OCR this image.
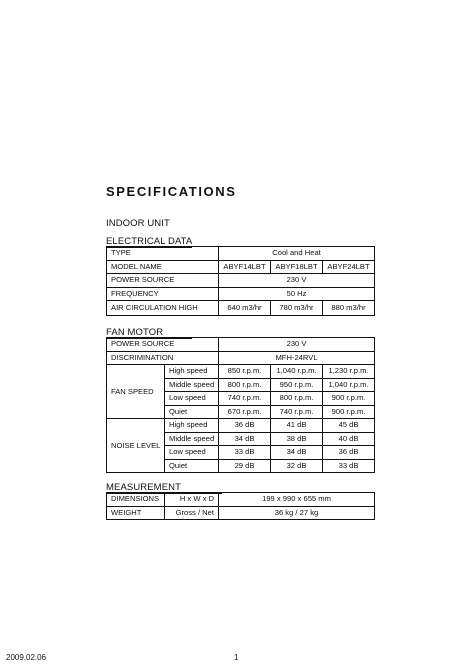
SPECIFICATIONS
INDOOR UNIT
ELECTRICAL DATA
TYPE	Cool and Heat		
MODEL NAME	ABYF14LBT	ABYF18LBT	ABYF24LBT
POWER SOURCE	230 V		
FREQUENCY	50 Hz		
AIR CIRCULATION HIGH	640 m3/hr	780 m3/hr	880 m3/hr
FAN MOTOR
POWER SOURCE		230 V		
DISCRIMINATION		MFH-24RVL		
FAN SPEED	High speed	850 r.p.m.	1,040 r.p.m.	1,230 r.p.m.
	Middle speed	800 r.p.m.	950 r.p.m.	1,040 r.p.m.
	Low speed	740 r.p.m.	800 r.p.m.	900 r.p.m.
	Quiet	670 r.p.m.	740 r.p.m.	900 r.p.m.
NOISE LEVEL	High speed	36 dB	41 dB	45 dB
	Middle speed	34 dB	38 dB	40 dB
	Low speed	33 dB	34 dB	36 dB
	Quiet	29 dB	32 dB	33 dB
MEASUREMENT
DIMENSIONS	H x W x D	199 x 990 x 655 mm
WEIGHT	Gross / Net	36 kg / 27 kg
2009.02.06	1
